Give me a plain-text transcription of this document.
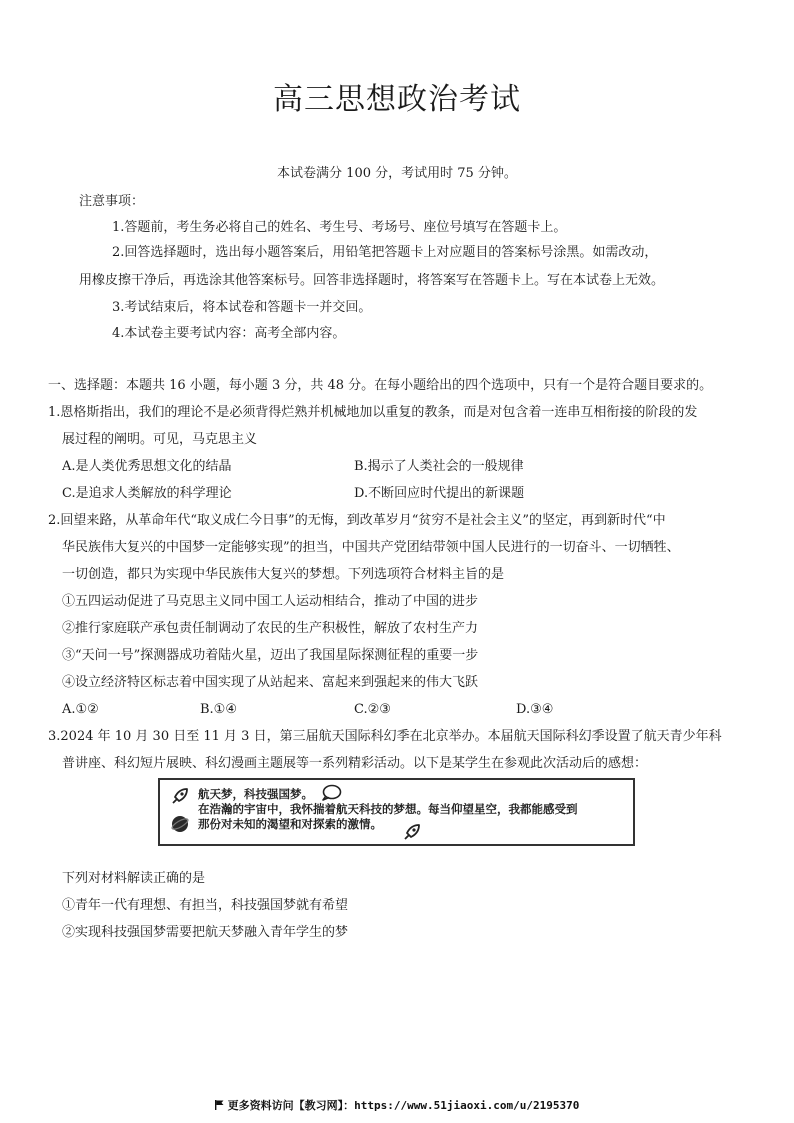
高三思想政治考试
本试卷满分 100 分，考试用时 75 分钟。
注意事项：
1.答题前，考生务必将自己的姓名、考生号、考场号、座位号填写在答题卡上。
2.回答选择题时，选出每小题答案后，用铅笔把答题卡上对应题目的答案标号涂黑。如需改动，
用橡皮擦干净后，再选涂其他答案标号。回答非选择题时，将答案写在答题卡上。写在本试卷上无效。
3.考试结束后，将本试卷和答题卡一并交回。
4.本试卷主要考试内容：高考全部内容。
一、选择题：本题共 16 小题，每小题 3 分，共 48 分。在每小题给出的四个选项中，只有一个是符合题目要求的。
1.恩格斯指出，我们的理论不是必须背得烂熟并机械地加以重复的教条，而是对包含着一连串互相衔接的阶段的发
展过程的阐明。可见，马克思主义
A.是人类优秀思想文化的结晶	B.揭示了人类社会的一般规律
C.是追求人类解放的科学理论	D.不断回应时代提出的新课题
2.回望来路，从革命年代“取义成仁今日事”的无悔，到改革岁月“贫穷不是社会主义”的坚定，再到新时代“中
华民族伟大复兴的中国梦一定能够实现”的担当，中国共产党团结带领中国人民进行的一切奋斗、一切牺牲、
一切创造，都只为实现中华民族伟大复兴的梦想。下列选项符合材料主旨的是
①五四运动促进了马克思主义同中国工人运动相结合，推动了中国的进步
②推行家庭联产承包责任制调动了农民的生产积极性，解放了农村生产力
③“天问一号”探测器成功着陆火星，迈出了我国星际探测征程的重要一步
④设立经济特区标志着中国实现了从站起来、富起来到强起来的伟大飞跃
A.①②	B.①④	C.②③	D.③④
3.2024 年 10 月 30 日至 11 月 3 日，第三届航天国际科幻季在北京举办。本届航天国际科幻季设置了航天青少年科
普讲座、科幻短片展映、科幻漫画主题展等一系列精彩活动。以下是某学生在参观此次活动后的感想：
航天梦，科技强国梦。
在浩瀚的宇宙中，我怀揣着航天科技的梦想。每当仰望星空，我都能感受到
那份对未知的渴望和对探索的激情。
下列对材料解读正确的是
①青年一代有理想、有担当，科技强国梦就有希望
②实现科技强国梦需要把航天梦融入青年学生的梦
更多资料访问【教习网】：https://www.51jiaoxi.com/u/2195370
